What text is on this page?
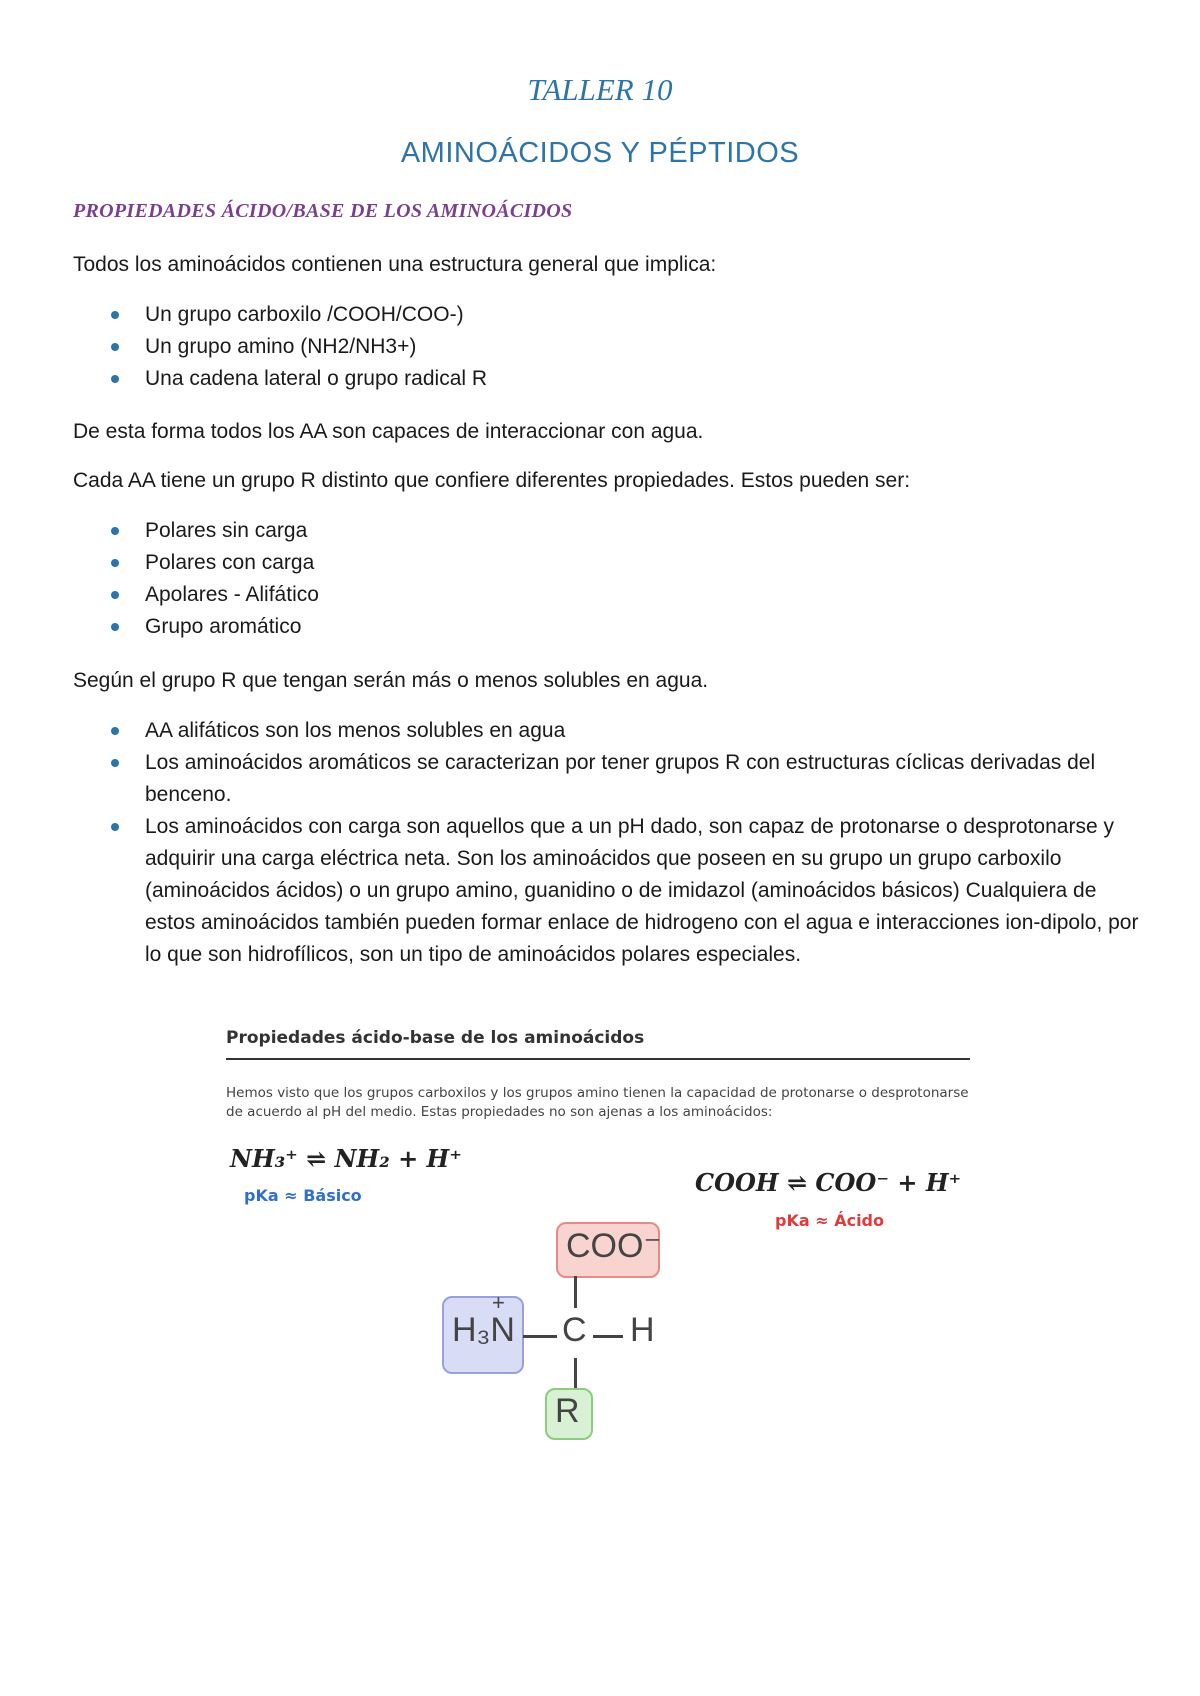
TALLER 10
AMINOÁCIDOS Y PÉPTIDOS
PROPIEDADES ÁCIDO/BASE DE LOS AMINOÁCIDOS
Todos los aminoácidos contienen una estructura general que implica:
Un grupo carboxilo /COOH/COO-)
Un grupo amino (NH2/NH3+)
Una cadena lateral o grupo radical R
De esta forma todos los AA son capaces de interaccionar con agua.
Cada AA tiene un grupo R distinto que confiere diferentes propiedades. Estos pueden ser:
Polares sin carga
Polares con carga
Apolares - Alifático
Grupo aromático
Según el grupo R que tengan serán más o menos solubles en agua.
AA alifáticos son los menos solubles en agua
Los aminoácidos aromáticos se caracterizan por tener grupos R con estructuras cíclicas derivadas del benceno.
Los aminoácidos con carga son aquellos que a un pH dado, son capaz de protonarse o desprotonarse y adquirir una carga eléctrica neta. Son los aminoácidos que poseen en su grupo un grupo carboxilo (aminoácidos ácidos) o un grupo amino, guanidino o de imidazol (aminoácidos básicos) Cualquiera de estos aminoácidos también pueden formar enlace de hidrogeno con el agua e interacciones ion-dipolo, por lo que son hidrofílicos, son un tipo de aminoácidos polares especiales.
Propiedades ácido-base de los aminoácidos
Hemos visto que los grupos carboxilos y los grupos amino tienen la capacidad de protonarse o desprotonarse de acuerdo al pH del medio. Estas propiedades no son ajenas a los aminoácidos:
NH₃⁺ ⇌ NH₂ + H⁺
pKa ≈ Básico	COOH ⇌ COO⁻ + H⁺
pKa ≈ Ácido
COO⁻
H₃N
+
C H
R
